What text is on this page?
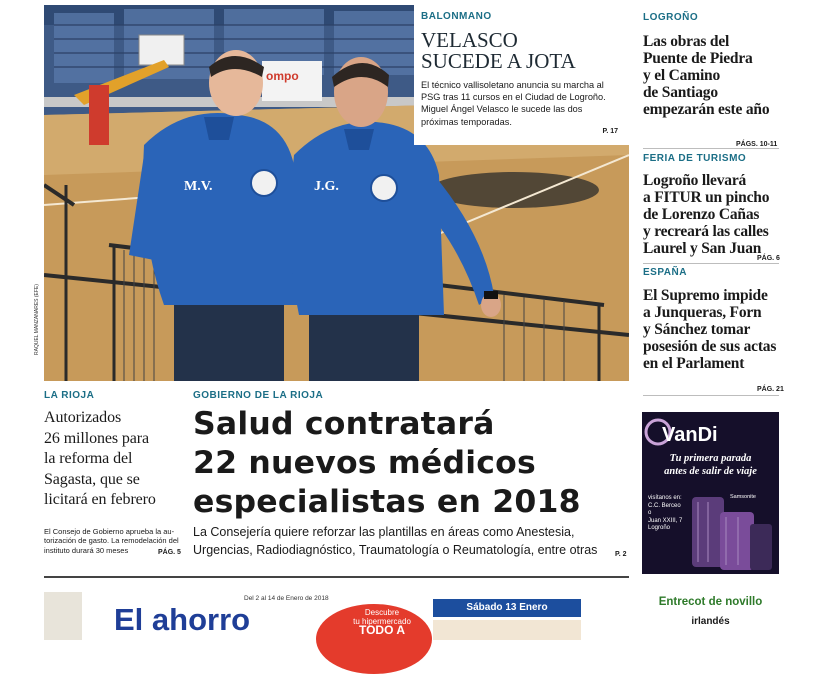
ompo
M.V.	J.G.
RAQUEL MANZANARES (EFE)
BALONMANO
VELASCO
SUCEDE A JOTA
El técnico vallisoletano anuncia su marcha al PSG tras 11 cursos en el Ciudad de Logroño. Miguel Ángel Velasco le sucede las dos próximas temporadas.
P. 17
LOGROÑO
Las obras del
Puente de Piedra
y el Camino
de Santiago
empezarán este año
PÁGS. 10-11
FERIA DE TURISMO
Logroño llevará
a FITUR un pincho
de Lorenzo Cañas
y recreará las calles
Laurel y San Juan
PÁG. 6
ESPAÑA
El Supremo impide
a Junqueras, Forn
y Sánchez tomar
posesión de sus actas
en el Parlament
PÁG. 21
LA RIOJA
Autorizados
26 millones para
la reforma del
Sagasta, que se
licitará en febrero
El Consejo de Gobierno aprueba la au-
torización de gasto. La remodelación del
instituto durará 30 meses	PÁG. 5
GOBIERNO DE LA RIOJA
Salud contratará
22 nuevos médicos
especialistas en 2018
La Consejería quiere reforzar las plantillas en áreas como Anestesia,
Urgencias, Radiodiagnóstico, Traumatología o Reumatología, entre otras	P. 2
VanDi
Tu primera parada
antes de salir de viaje
visítanos en:
C.C. Berceo
o
Juan XXIII, 7
Logroño
Samsonite
El ahorro
Del 2 al 14 de Enero de 2018
Descubre
tu hipermercado
TODO A
Sábado 13 Enero	Entrecot de novillo
irlandés
